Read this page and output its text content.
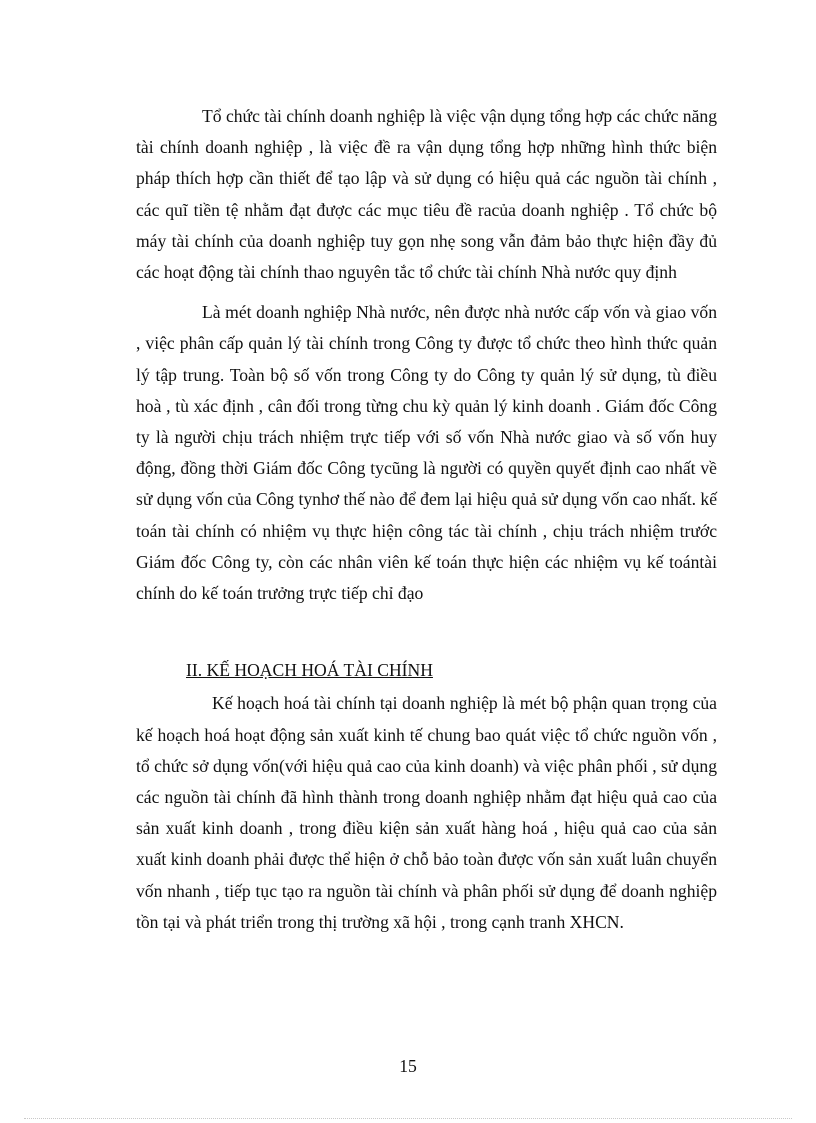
Tổ chức tài chính doanh nghiệp là việc vận dụng tổng hợp các chức năng tài chính doanh nghiệp , là việc đề ra vận dụng tổng hợp những hình thức biện pháp thích hợp cần thiết để tạo lập và sử dụng có hiệu quả các nguồn tài chính , các quĩ tiền tệ nhằm đạt được các mục tiêu đề racủa doanh nghiệp . Tổ chức bộ máy tài chính của doanh nghiệp tuy gọn nhẹ song vẫn đảm bảo thực hiện đầy đủ các hoạt động tài chính thao nguyên tắc tổ chức tài chính Nhà nước quy định

Là mét doanh nghiệp Nhà nước, nên được nhà nước cấp vốn và giao vốn , việc phân cấp quản lý tài chính trong Công ty được tổ chức theo hình thức quản lý tập trung. Toàn bộ số vốn trong Công ty do Công ty quản lý sử dụng, tù điều hoà , tù xác định , cân đối trong từng chu kỳ quản lý kinh doanh . Giám đốc Công ty là người chịu trách nhiệm trực tiếp với số vốn Nhà nước giao và số vốn huy động, đồng thời Giám đốc Công tycũng là người có quyền quyết định cao nhất về sử dụng vốn của Công tynhơ thế nào để đem lại hiệu quả sử dụng vốn cao nhất. kế toán tài chính có nhiệm vụ thực hiện công tác tài chính , chịu trách nhiệm trước Giám đốc Công ty, còn các nhân viên kế toán thực hiện các nhiệm vụ kế toántài chính do kế toán trưởng trực tiếp chỉ đạo

II. KẾ HOẠCH HOÁ TÀI CHÍNH

Kế hoạch hoá tài chính tại doanh nghiệp là mét bộ phận quan trọng của kế hoạch hoá hoạt động sản xuất kinh tế chung bao quát việc tổ chức nguồn vốn , tổ chức sở dụng vốn(với hiệu quả cao của kinh doanh) và việc phân phối , sử dụng các nguồn tài chính đã hình thành trong doanh nghiệp nhằm đạt hiệu quả cao của sản xuất kinh doanh , trong điều kiện sản xuất hàng hoá , hiệu quả cao của sản xuất kinh doanh phải được thể hiện ở chỗ bảo toàn được vốn sản xuất luân chuyển vốn nhanh , tiếp tục tạo ra nguồn tài chính và phân phối sử dụng để doanh nghiệp tồn tại và phát triển trong thị trường xã hội , trong cạnh tranh XHCN.

15
